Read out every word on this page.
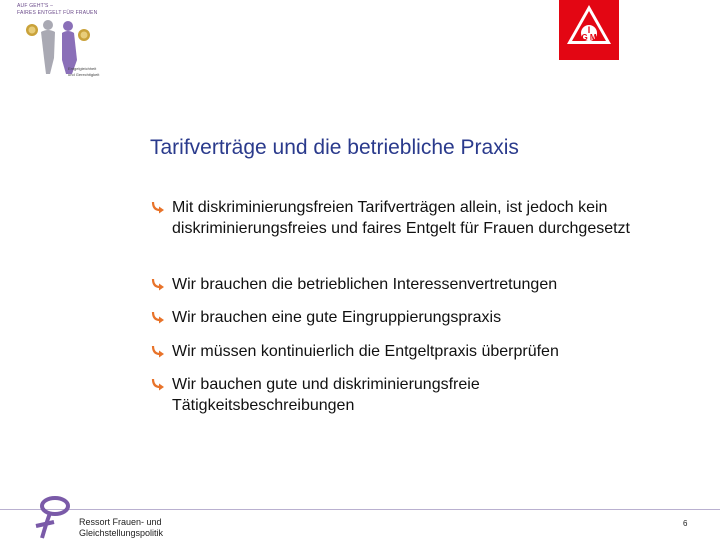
AUF GEHT'S –
FAIRES ENTGELT FÜR FRAUEN
Entgelgleichheit
und Gerechtigkeit
I
G M
Tarifverträge und die betriebliche Praxis
Mit diskriminierungsfreien Tarifverträgen allein, ist jedoch kein diskriminierungsfreies und faires Entgelt für Frauen durchgesetzt
Wir brauchen die betrieblichen Interessenvertretungen
Wir brauchen eine gute Eingruppierungspraxis
Wir müssen kontinuierlich die Entgeltpraxis überprüfen
Wir bauchen gute und diskriminierungsfreie Tätigkeitsbeschreibungen
Ressort Frauen- und
Gleichstellungspolitik
6
